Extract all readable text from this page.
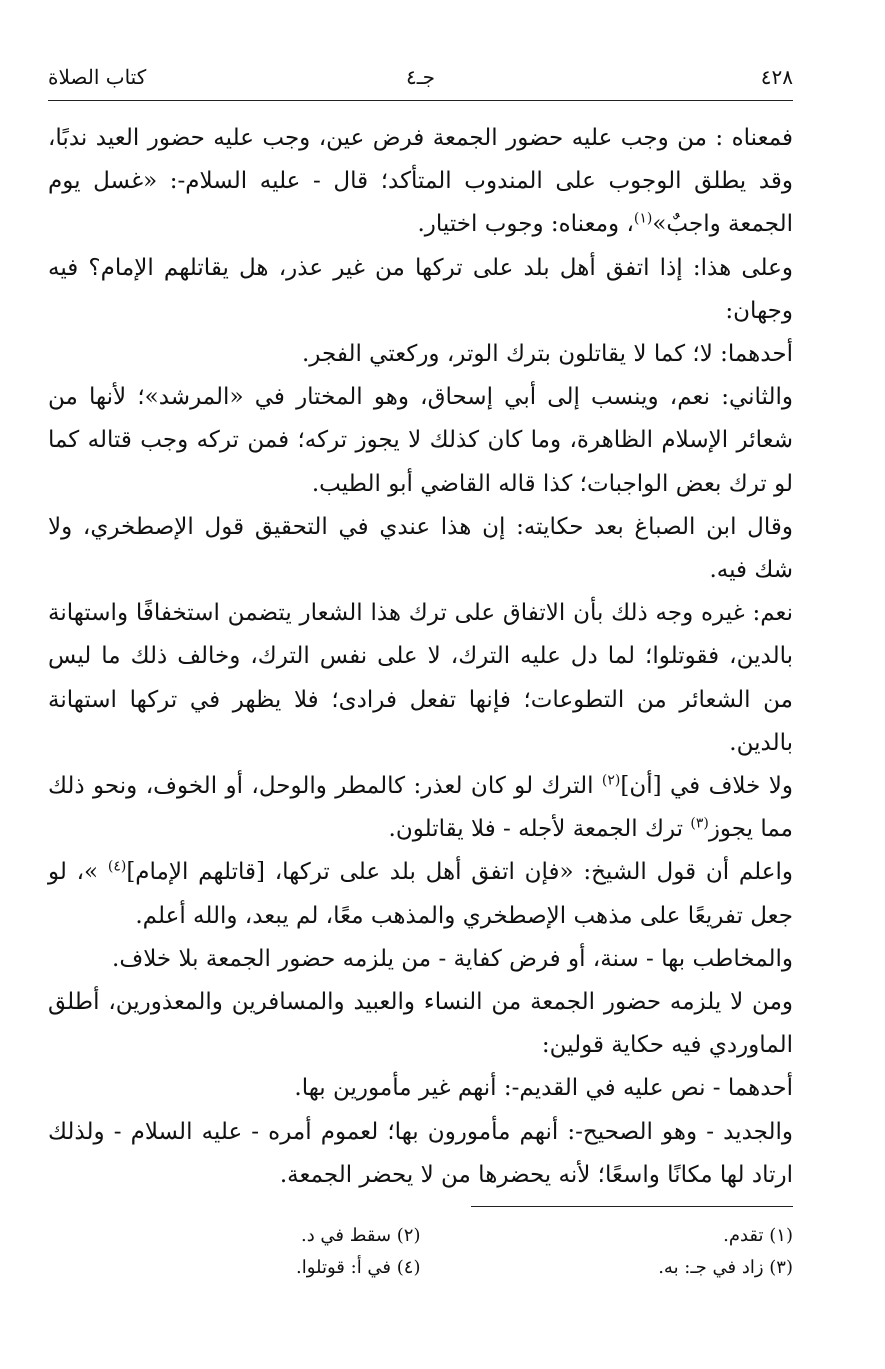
٤٢٨
جـ٤
كتاب الصلاة

فمعناه : من وجب عليه حضور الجمعة فرض عين، وجب عليه حضور العيد ندبًا، وقد يطلق الوجوب على المندوب المتأكد؛ قال - عليه السلام-: «غسل يوم الجمعة واجبٌ»$^{(١)}$، ومعناه: وجوب اختيار.

وعلى هذا: إذا اتفق أهل بلد على تركها من غير عذر، هل يقاتلهم الإمام؟ فيه وجهان:

أحدهما: لا؛ كما لا يقاتلون بترك الوتر، وركعتي الفجر.

والثاني: نعم، وينسب إلى أبي إسحاق، وهو المختار في «المرشد»؛ لأنها من شعائر الإسلام الظاهرة، وما كان كذلك لا يجوز تركه؛ فمن تركه وجب قتاله كما لو ترك بعض الواجبات؛ كذا قاله القاضي أبو الطيب.

وقال ابن الصباغ بعد حكايته: إن هذا عندي في التحقيق قول الإصطخري، ولا شك فيه.

نعم: غيره وجه ذلك بأن الاتفاق على ترك هذا الشعار يتضمن استخفافًا واستهانة بالدين، فقوتلوا؛ لما دل عليه الترك، لا على نفس الترك، وخالف ذلك ما ليس من الشعائر من التطوعات؛ فإنها تفعل فرادى؛ فلا يظهر في تركها استهانة بالدين.

ولا خلاف في [أن]$^{(٢)}$ الترك لو كان لعذر: كالمطر والوحل، أو الخوف، ونحو ذلك مما يجوز$^{(٣)}$ ترك الجمعة لأجله - فلا يقاتلون.

واعلم أن قول الشيخ: «فإن اتفق أهل بلد على تركها، [قاتلهم الإمام]$^{(٤)}$ »، لو جعل تفريعًا على مذهب الإصطخري والمذهب معًا، لم يبعد، والله أعلم.

والمخاطب بها - سنة، أو فرض كفاية - من يلزمه حضور الجمعة بلا خلاف.

ومن لا يلزمه حضور الجمعة من النساء والعبيد والمسافرين والمعذورين، أطلق الماوردي فيه حكاية قولين:

أحدهما - نص عليه في القديم-: أنهم غير مأمورين بها.

والجديد - وهو الصحيح-: أنهم مأمورون بها؛ لعموم أمره - عليه السلام - ولذلك ارتاد لها مكانًا واسعًا؛ لأنه يحضرها من لا يحضر الجمعة.

(١) تقدم.
(٢) سقط في د.
(٣) زاد في جـ: به.
(٤) في أ: قوتلوا.
